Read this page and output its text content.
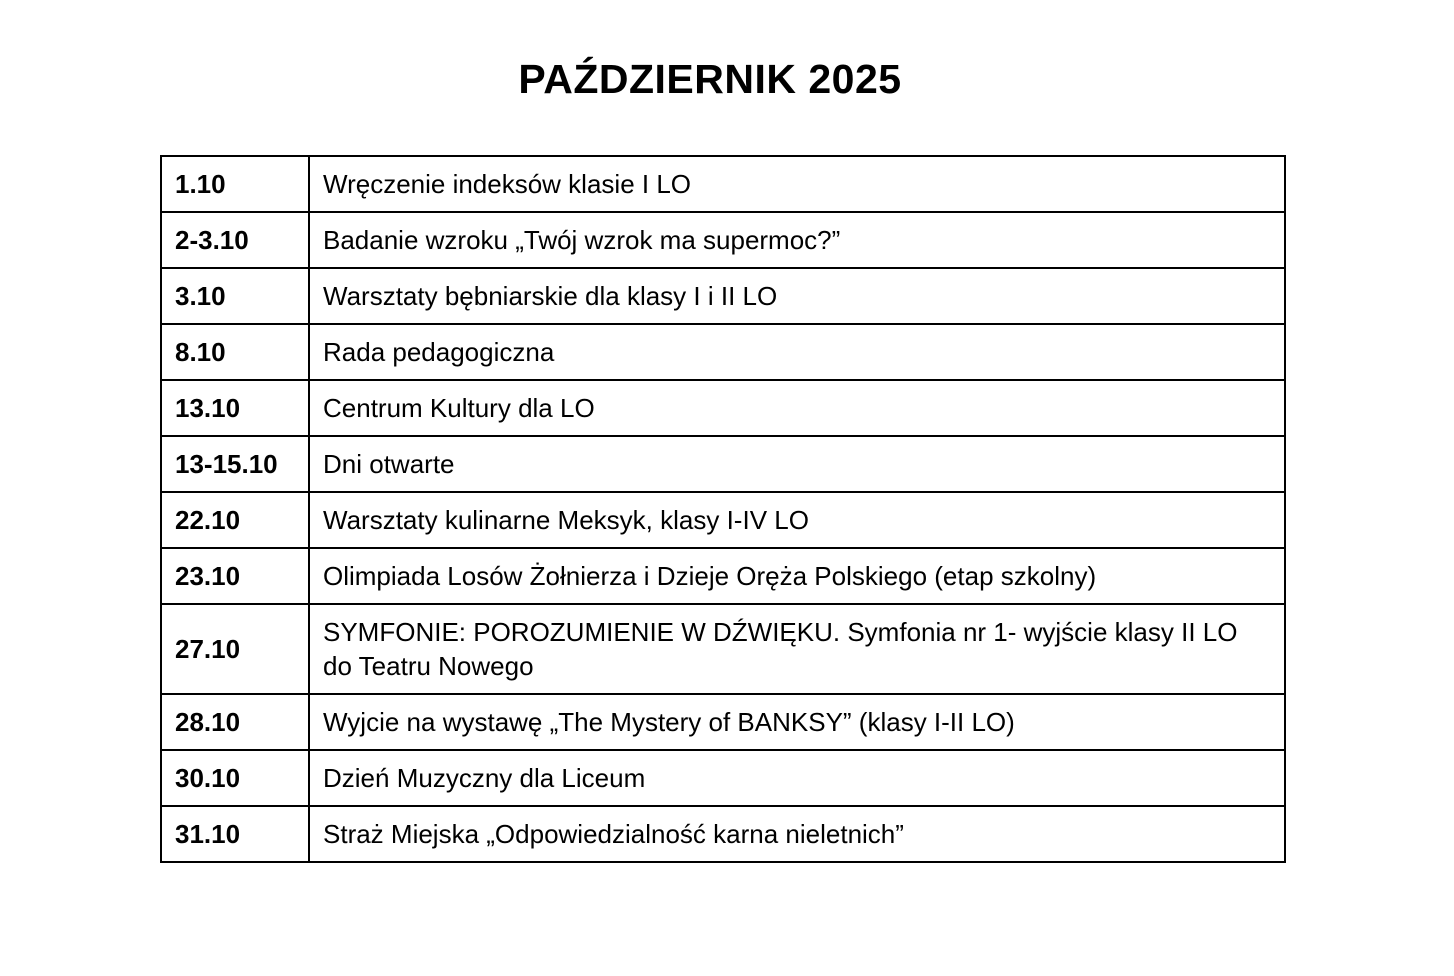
PAŹDZIERNIK 2025
1.10	Wręczenie indeksów klasie I LO
2-3.10	Badanie wzroku „Twój wzrok ma supermoc?”
3.10	Warsztaty bębniarskie dla klasy I i II LO
8.10	Rada pedagogiczna
13.10	Centrum Kultury dla LO
13-15.10	Dni otwarte
22.10	Warsztaty kulinarne Meksyk, klasy I-IV LO
23.10	Olimpiada Losów Żołnierza i Dzieje Oręża Polskiego (etap szkolny)
27.10	SYMFONIE: POROZUMIENIE W DŹWIĘKU. Symfonia nr 1- wyjście klasy II LO do Teatru Nowego
28.10	Wyjcie na wystawę „The Mystery of BANKSY” (klasy I-II LO)
30.10	Dzień Muzyczny dla Liceum
31.10	Straż Miejska „Odpowiedzialność karna nieletnich”
